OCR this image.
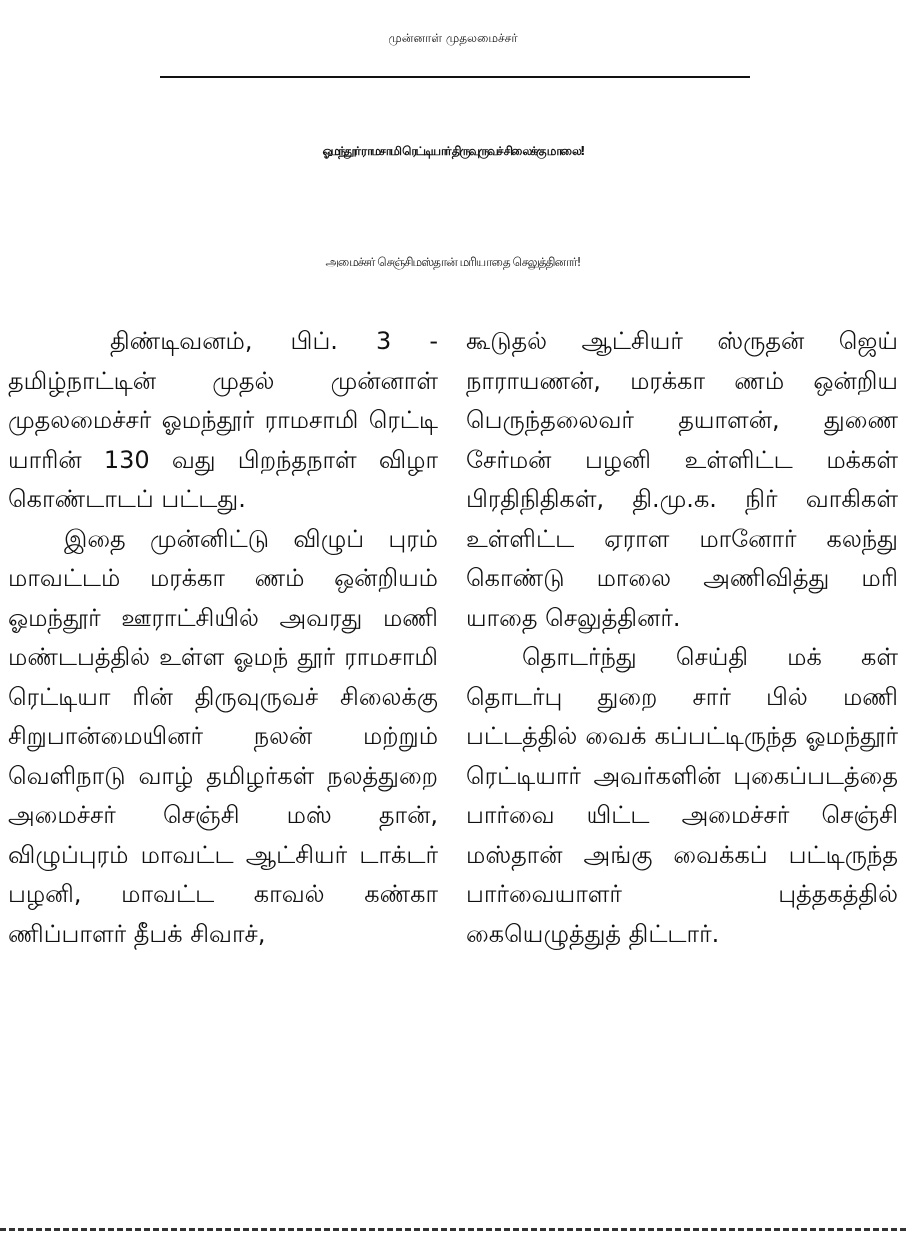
முன்னாள் முதலமைச்சர்
ஓமந்தூர் ராமசாமி ரெட்டியார் திருவுருவச் சிலைக்கு மாலை!
அமைச்சர் செஞ்சிமஸ்தான் மரியாதை செலுத்தினார்!

திண்டிவனம், பிப். 3 - தமிழ்நாட்டின் முதல் முன்னாள் முதலமைச்சர் ஓமந்தூர் ராமசாமி ரெட்டி யாரின் 130 வது பிறந்தநாள் விழா கொண்டாடப் பட்டது.

இதை முன்னிட்டு விழுப் புரம் மாவட்டம் மரக்கா ணம் ஒன்றியம் ஓமந்தூர் ஊராட்சியில் அவரது மணி மண்டபத்தில் உள்ள ஓமந் தூர் ராமசாமி ரெட்டியா ரின் திருவுருவச் சிலைக்கு சிறுபான்மையினர் நலன் மற்றும் வெளிநாடு வாழ் தமிழர்கள் நலத்துறை அமைச்சர் செஞ்சி மஸ் தான், விழுப்புரம் மாவட்ட ஆட்சியர் டாக்டர் பழனி, மாவட்ட காவல் கண்கா ணிப்பாளர் தீபக் சிவாச்,

கூடுதல் ஆட்சியர் ஸ்ருதன் ஜெய் நாராயணன், மரக்கா ணம் ஒன்றிய பெருந்தலைவர் தயாளன், துணை சேர்மன் பழனி உள்ளிட்ட மக்கள் பிரதிநிதிகள், தி.மு.க. நிர் வாகிகள் உள்ளிட்ட ஏராள மானோர் கலந்து கொண்டு மாலை அணிவித்து மரி யாதை செலுத்தினர்.

தொடர்ந்து செய்தி மக் கள் தொடர்பு துறை சார் பில் மணி பட்டத்தில் வைக் கப்பட்டிருந்த ஓமந்தூர் ரெட்டியார் அவர்களின் புகைப்படத்தை பார்வை யிட்ட அமைச்சர் செஞ்சி மஸ்தான் அங்கு வைக்கப் பட்டிருந்த பார்வையாளர் புத்தகத்தில் கையெழுத்துத் திட்டார்.
